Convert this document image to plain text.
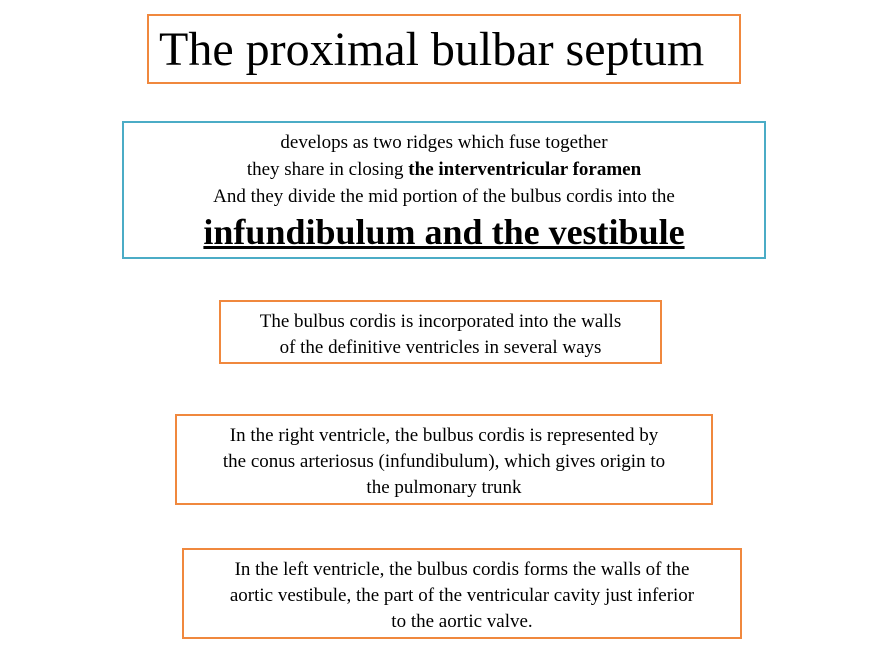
The proximal bulbar septum
develops as two ridges which fuse together
they share in closing the interventricular foramen
And they divide the mid portion of the bulbus cordis into the
infundibulum and the vestibule
The bulbus cordis is incorporated into the walls
of the definitive ventricles in several ways
In the right ventricle, the bulbus cordis is represented by
the conus arteriosus (infundibulum), which gives origin to
the pulmonary trunk
In the left ventricle, the bulbus cordis forms the walls of the
aortic vestibule, the part of the ventricular cavity just inferior
to the aortic valve.
